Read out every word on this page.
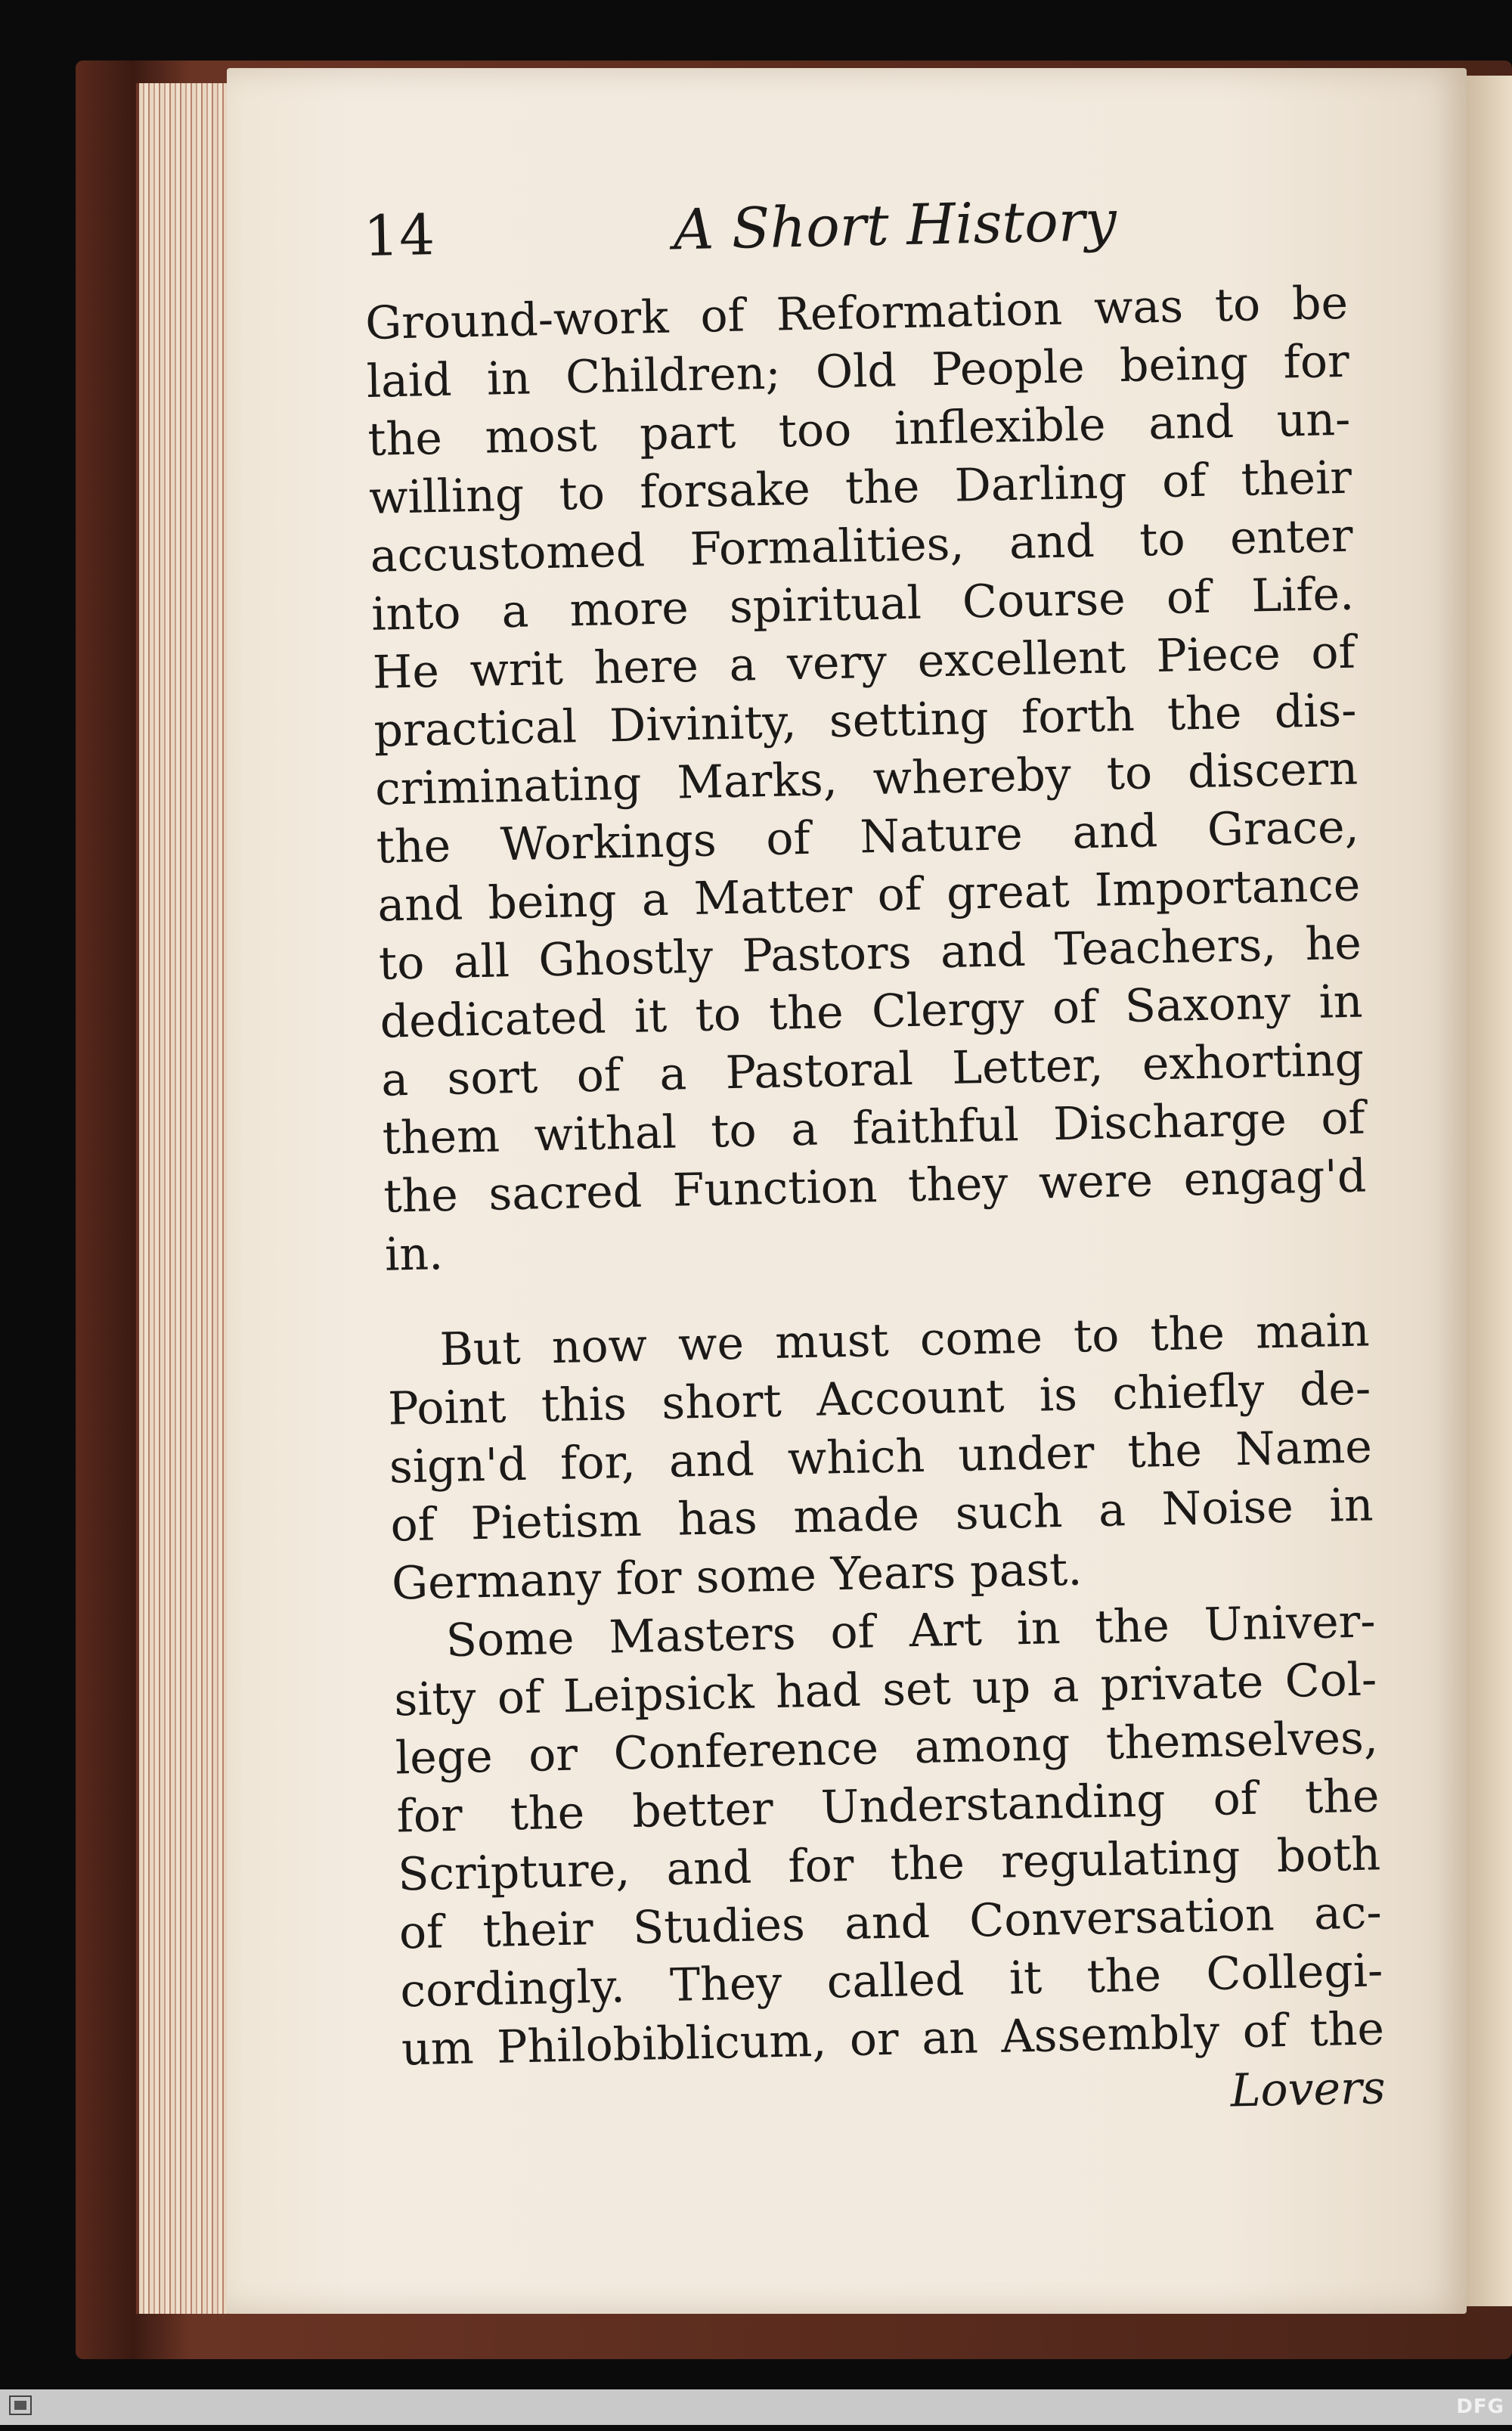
14	A Short History

Ground-work of Reformation was to be
laid in Children; Old People being for
the most part too inflexible and un-
willing to forsake the Darling of their
accustomed Formalities, and to enter
into a more spiritual Course of Life.
He writ here a very excellent Piece of
practical Divinity, setting forth the dis-
criminating Marks, whereby to discern
the Workings of Nature and Grace,
and being a Matter of great Importance
to all Ghostly Pastors and Teachers, he
dedicated it to the Clergy of Saxony in
a sort of a Pastoral Letter, exhorting
them withal to a faithful Discharge of
the sacred Function they were engag'd
in.

But now we must come to the main
Point this short Account is chiefly de-
sign'd for, and which under the Name
of Pietism has made such a Noise in
Germany for some Years past.

Some Masters of Art in the Univer-
sity of Leipsick had set up a private Col-
lege or Conference among themselves,
for the better Understanding of the
Scripture, and for the regulating both
of their Studies and Conversation ac-
cordingly. They called it the Collegi-
um Philobiblicum, or an Assembly of the

Lovers
DFG
